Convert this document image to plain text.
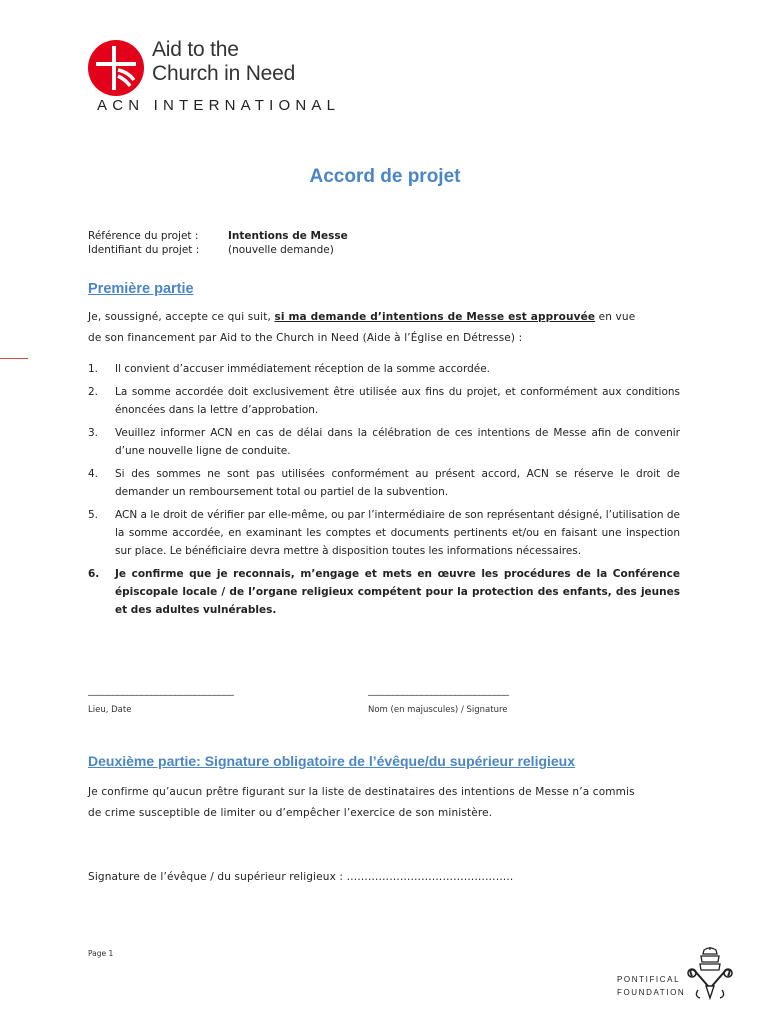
Aid to the
Church in Need
ACN INTERNATIONAL
Accord de projet
Référence du projet :	Intentions de Messe
Identifiant du projet :	(nouvelle demande)
Première partie
Je, soussigné, accepte ce qui suit, si ma demande d’intentions de Messe est approuvée en vue
de son financement par Aid to the Church in Need (Aide à l’Église en Détresse) :
1.	Il convient d’accuser immédiatement réception de la somme accordée.
2.	La somme accordée doit exclusivement être utilisée aux fins du projet, et conformément aux conditions énoncées dans la lettre d’approbation.
3.	Veuillez informer ACN en cas de délai dans la célébration de ces intentions de Messe afin de convenir d’une nouvelle ligne de conduite.
4.	Si des sommes ne sont pas utilisées conformément au présent accord, ACN se réserve le droit de demander un remboursement total ou partiel de la subvention.
5.	ACN a le droit de vérifier par elle-même, ou par l’intermédiaire de son représentant désigné, l’utilisation de la somme accordée, en examinant les comptes et documents pertinents et/ou en faisant une inspection sur place. Le bénéficiaire devra mettre à disposition toutes les informations nécessaires.
6.	Je confirme que je reconnais, m’engage et mets en œuvre les procédures de la Conférence épiscopale locale / de l’organe religieux compétent pour la protection des enfants, des jeunes et des adultes vulnérables.
______________________________	_____________________________
Lieu, Date	Nom (en majuscules) / Signature
Deuxième partie: Signature obligatoire de l’évêque/du supérieur religieux
Je confirme qu’aucun prêtre figurant sur la liste de destinataires des intentions de Messe n’a commis
de crime susceptible de limiter ou d’empêcher l’exercice de son ministère.
Signature de l’évêque / du supérieur religieux : ………………………………………..
Page 1
PONTIFICAL
FOUNDATION
